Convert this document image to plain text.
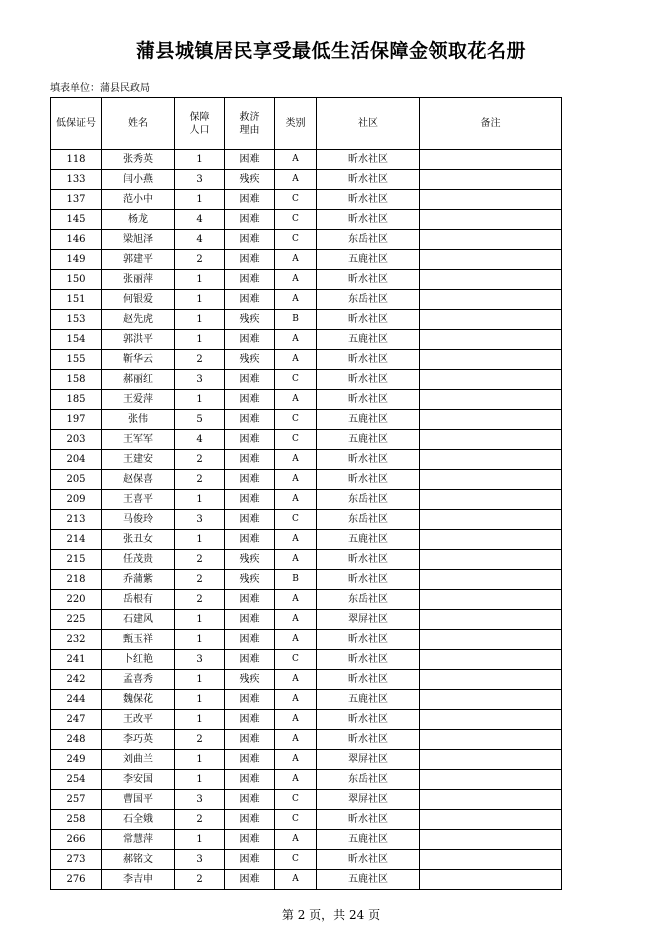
蒲县城镇居民享受最低生活保障金领取花名册
填表单位：蒲县民政局
低保证号	姓名	保障人口	救济理由	类别	社区	备注
118	张秀英	1	困难	A	昕水社区	
133	闫小燕	3	残疾	A	昕水社区	
137	范小中	1	困难	C	昕水社区	
145	杨龙	4	困难	C	昕水社区	
146	梁旭泽	4	困难	C	东岳社区	
149	郭建平	2	困难	A	五鹿社区	
150	张丽萍	1	困难	A	昕水社区	
151	何银爱	1	困难	A	东岳社区	
153	赵先虎	1	残疾	B	昕水社区	
154	郭洪平	1	困难	A	五鹿社区	
155	靳华云	2	残疾	A	昕水社区	
158	郝丽红	3	困难	C	昕水社区	
185	王爱萍	1	困难	A	昕水社区	
197	张伟	5	困难	C	五鹿社区	
203	王军军	4	困难	C	五鹿社区	
204	王建安	2	困难	A	昕水社区	
205	赵保喜	2	困难	A	昕水社区	
209	王喜平	1	困难	A	东岳社区	
213	马俊玲	3	困难	C	东岳社区	
214	张丑女	1	困难	A	五鹿社区	
215	任茂贵	2	残疾	A	昕水社区	
218	乔蒲紫	2	残疾	B	昕水社区	
220	岳根有	2	困难	A	东岳社区	
225	石建风	1	困难	A	翠屏社区	
232	甄玉祥	1	困难	A	昕水社区	
241	卜红艳	3	困难	C	昕水社区	
242	孟喜秀	1	残疾	A	昕水社区	
244	魏保花	1	困难	A	五鹿社区	
247	王改平	1	困难	A	昕水社区	
248	李巧英	2	困难	A	昕水社区	
249	刘曲兰	1	困难	A	翠屏社区	
254	李安国	1	困难	A	东岳社区	
257	曹国平	3	困难	C	翠屏社区	
258	石全娥	2	困难	C	昕水社区	
266	常慧萍	1	困难	A	五鹿社区	
273	郝铭文	3	困难	C	昕水社区	
276	李吉申	2	困难	A	五鹿社区	
第 2 页，共 24 页
